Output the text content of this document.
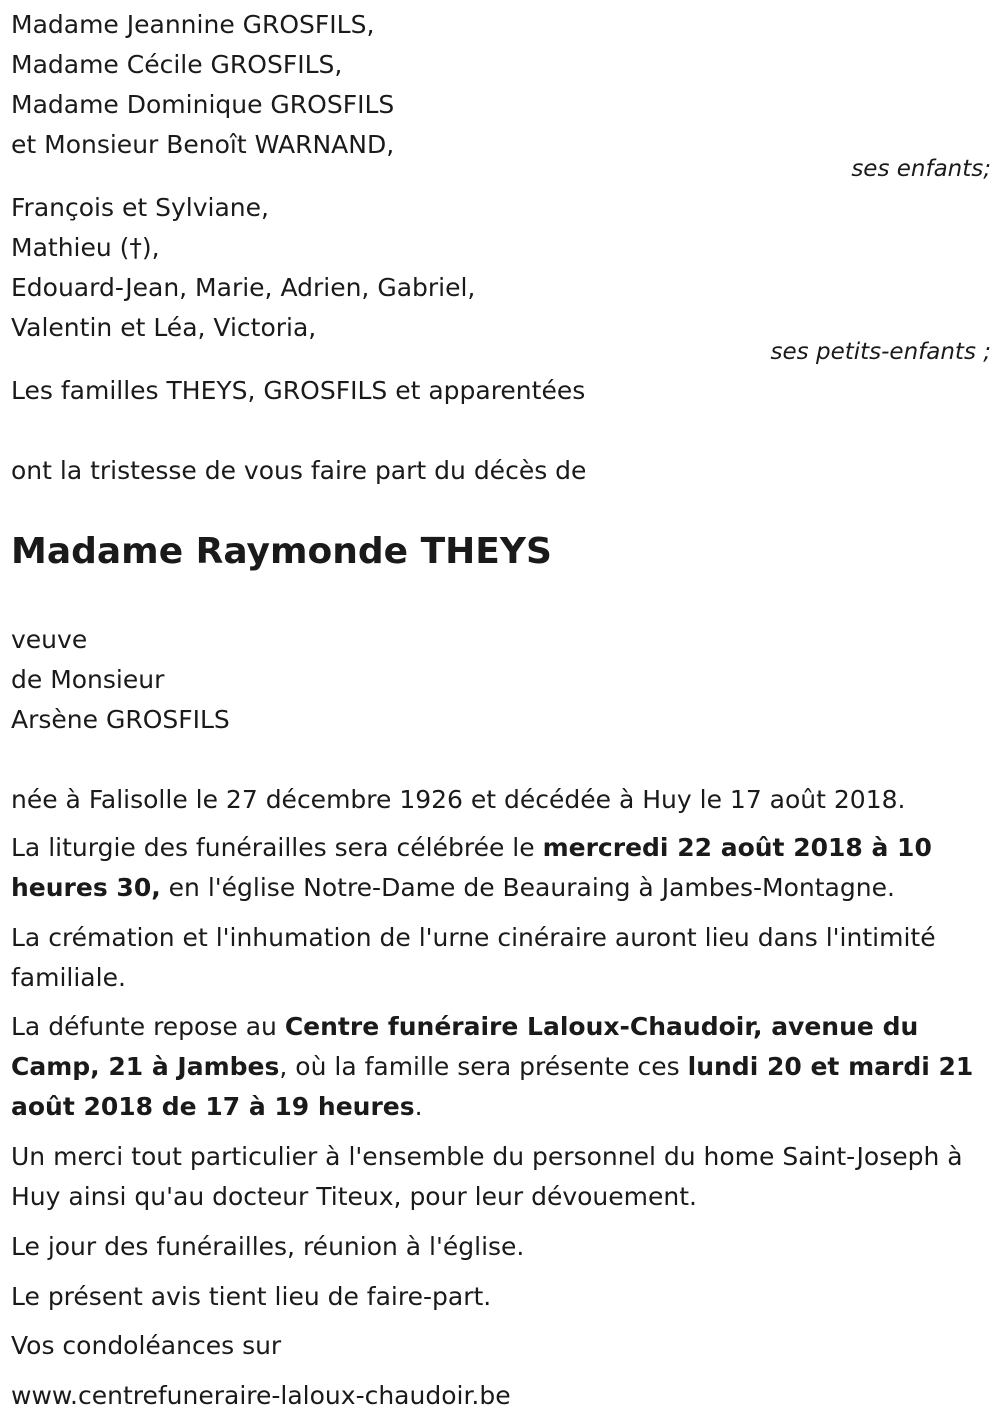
Madame Jeannine GROSFILS,
Madame Cécile GROSFILS,
Madame Dominique GROSFILS
et Monsieur Benoît WARNAND,
ses enfants;
François et Sylviane,
Mathieu (†),
Edouard-Jean, Marie, Adrien, Gabriel,
Valentin et Léa, Victoria,
ses petits-enfants ;
Les familles THEYS, GROSFILS et apparentées
ont la tristesse de vous faire part du décès de
Madame Raymonde THEYS
veuve
de Monsieur
Arsène GROSFILS
née à Falisolle le 27 décembre 1926 et décédée à Huy le 17 août 2018.
La liturgie des funérailles sera célébrée le mercredi 22 août 2018 à 10 heures 30, en l'église Notre-Dame de Beauraing à Jambes-Montagne.
La crémation et l'inhumation de l'urne cinéraire auront lieu dans l'intimité familiale.
La défunte repose au Centre funéraire Laloux-Chaudoir, avenue du Camp, 21 à Jambes, où la famille sera présente ces lundi 20 et mardi 21 août 2018 de 17 à 19 heures.
Un merci tout particulier à l'ensemble du personnel du home Saint-Joseph à Huy ainsi qu'au docteur Titeux, pour leur dévouement.
Le jour des funérailles, réunion à l'église.
Le présent avis tient lieu de faire-part.
Vos condoléances sur
www.centrefuneraire-laloux-chaudoir.be
